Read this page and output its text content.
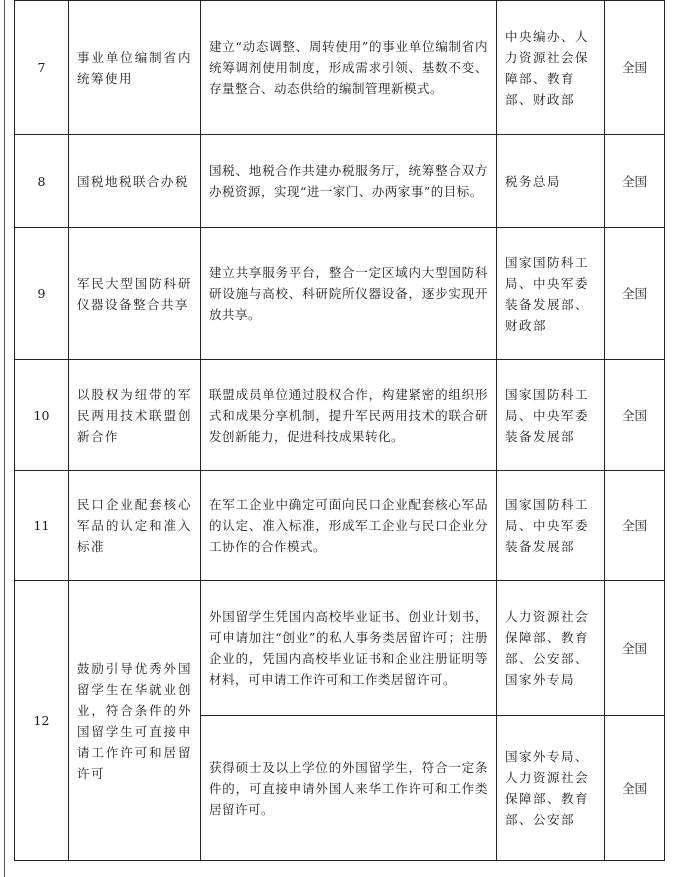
7	事业单位编制省内统筹使用	建立“动态调整、周转使用”的事业单位编制省内统筹调剂使用制度，形成需求引领、基数不变、存量整合、动态供给的编制管理新模式。	中央编办、人力资源社会保障部、教育部、财政部	全国
8	国税地税联合办税	国税、地税合作共建办税服务厅，统筹整合双方办税资源，实现“进一家门、办两家事”的目标。	税务总局	全国
9	军民大型国防科研仪器设备整合共享	建立共享服务平台，整合一定区域内大型国防科研设施与高校、科研院所仪器设备，逐步实现开放共享。	国家国防科工局、中央军委装备发展部、财政部	全国
10	以股权为纽带的军民两用技术联盟创新合作	联盟成员单位通过股权合作，构建紧密的组织形式和成果分享机制，提升军民两用技术的联合研发创新能力，促进科技成果转化。	国家国防科工局、中央军委装备发展部	全国
11	民口企业配套核心军品的认定和准入标准	在军工企业中确定可面向民口企业配套核心军品的认定、准入标准，形成军工企业与民口企业分工协作的合作模式。	国家国防科工局、中央军委装备发展部	全国
12	鼓励引导优秀外国留学生在华就业创业，符合条件的外国留学生可直接申请工作许可和居留许可	外国留学生凭国内高校毕业证书、创业计划书，可申请加注“创业”的私人事务类居留许可；注册企业的，凭国内高校毕业证书和企业注册证明等材料，可申请工作许可和工作类居留许可。	人力资源社会保障部、教育部、公安部、国家外专局	全国
		获得硕士及以上学位的外国留学生，符合一定条件的，可直接申请外国人来华工作许可和工作类居留许可。	国家外专局、人力资源社会保障部、教育部、公安部	全国
